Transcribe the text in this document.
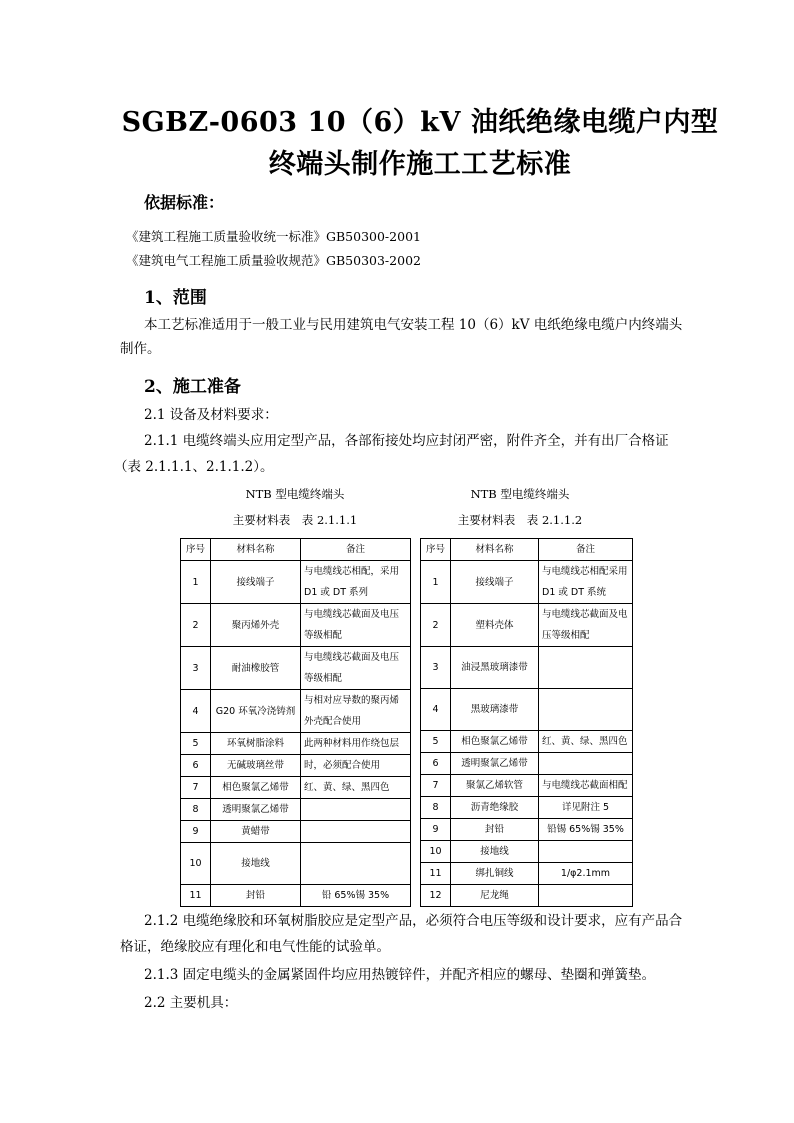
SGBZ-0603 10（6）kV 油纸绝缘电缆户内型
终端头制作施工工艺标准
依据标准：
《建筑工程施工质量验收统一标准》GB50300-2001
《建筑电气工程施工质量验收规范》GB50303-2002
1、范围
本工艺标准适用于一般工业与民用建筑电气安装工程 10（6）kV 电纸绝缘电缆户内终端头
制作。
2、施工准备
2.1 设备及材料要求：
2.1.1 电缆终端头应用定型产品，各部衔接处均应封闭严密，附件齐全，并有出厂合格证
（表 2.1.1.1、2.1.1.2）。
NTB 型电缆终端头
主要材料表　表 2.1.1.1
NTB 型电缆终端头
主要材料表　表 2.1.1.2
序号	材料名称	备注
1	接线端子	与电缆线芯相配，采用
D1 或 DT 系列

2	聚丙烯外壳	与电缆线芯截面及电压
等级相配

3	耐油橡胶管	与电缆线芯截面及电压
等级相配

4	G20 环氧冷浇铸剂	与相对应导数的聚丙烯
外壳配合使用

5	环氧树脂涂料	此两种材料用作绕包层
6	无碱玻璃丝带	时，必须配合使用
7	相色聚氯乙烯带	红、黄、绿、黑四色
8	透明聚氯乙烯带	
9	黄蜡带	
10	接地线	
11	封铅	铅 65%锡 35%
序号	材料名称	备注
1	接线端子	与电缆线芯相配采用
D1 或 DT 系统

2	塑料壳体	与电缆线芯截面及电
压等级相配

3	油浸黑玻璃漆带	
4	黑玻璃漆带	
5	相色聚氯乙烯带	红、黄、绿、黑四色
6	透明聚氯乙烯带	
7	聚氯乙烯软管	与电缆线芯截面相配
8	沥青绝缘胶	详见附注 5
9	封铅	铅锡 65%锡 35%
10	接地线	
11	绑扎铜线	1/φ2.1mm
12	尼龙绳	
2.1.2 电缆绝缘胶和环氧树脂胶应是定型产品，必须符合电压等级和设计要求，应有产品合
格证，绝缘胶应有理化和电气性能的试验单。
2.1.3 固定电缆头的金属紧固件均应用热镀锌件，并配齐相应的螺母、垫圈和弹簧垫。
2.2 主要机具：
